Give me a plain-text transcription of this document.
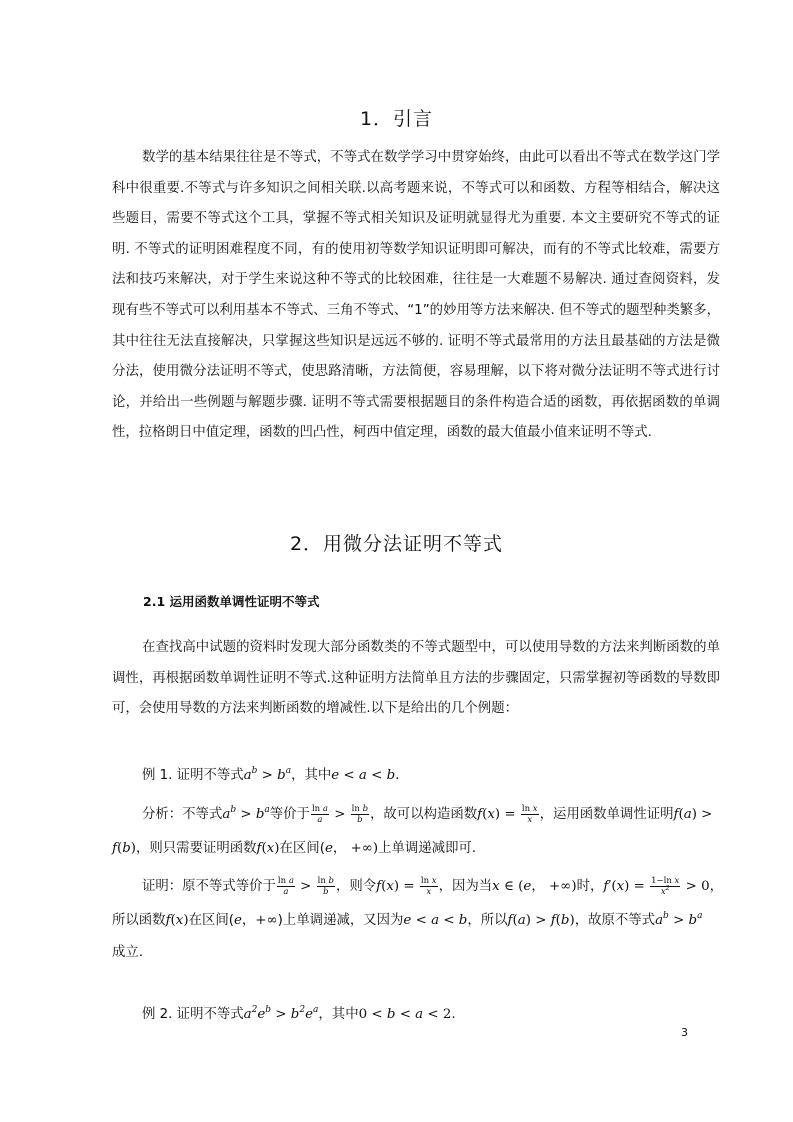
1．引言

数学的基本结果往往是不等式，不等式在数学学习中贯穿始终，由此可以看出不等式在数学这门学科中很重要.不等式与许多知识之间相关联.以高考题来说，不等式可以和函数、方程等相结合，解决这些题目，需要不等式这个工具，掌握不等式相关知识及证明就显得尤为重要. 本文主要研究不等式的证明. 不等式的证明困难程度不同，有的使用初等数学知识证明即可解决，而有的不等式比较难，需要方法和技巧来解决，对于学生来说这种不等式的比较困难，往往是一大难题不易解决. 通过查阅资料，发现有些不等式可以利用基本不等式、三角不等式、“1”的妙用等方法来解决. 但不等式的题型种类繁多，其中往往无法直接解决，只掌握这些知识是远远不够的. 证明不等式最常用的方法且最基础的方法是微分法，使用微分法证明不等式，使思路清晰，方法简便，容易理解，以下将对微分法证明不等式进行讨论，并给出一些例题与解题步骤. 证明不等式需要根据题目的条件构造合适的函数，再依据函数的单调性，拉格朗日中值定理，函数的凹凸性，柯西中值定理，函数的最大值最小值来证明不等式.

2．用微分法证明不等式
2.1 运用函数单调性证明不等式

在查找高中试题的资料时发现大部分函数类的不等式题型中，可以使用导数的方法来判断函数的单调性，再根据函数单调性证明不等式.这种证明方法简单且方法的步骤固定，只需掌握初等函数的导数即可，会使用导数的方法来判断函数的增减性.以下是给出的几个例题：

例 1. 证明不等式$a^b > b^a$，其中e < a < b.
分析：不等式$a^b > b^a$等价于 $\frac{\text{ln a}}{a} > \frac{\text{ln b}}{b}$ ，故可以构造函数$f(x) = \frac{\text{ln x}}{x}$ ，运用函数单调性证明f(a) >
f(b)，则只需要证明函数f(x)在区间(e， +∞)上单调递减即可.
证明：原不等式等价于 $\frac{\text{ln a}}{a} > \frac{\text{ln b}}{b}$ ，则令$f(x) = \frac{\text{ln x}}{x}$ ，因为当x ∈ (e， +∞)时，$f'(x) = \frac{\text{1−ln x}}{x^2} > 0$，
所以函数f(x)在区间(e，+∞)上单调递减，又因为e < a < b，所以f(a) > f(b)，故原不等式$a^b > b^a$
成立.
例 2. 证明不等式$a^2e^b > b^2e^a$，其中0 < b < a < 2.
3
